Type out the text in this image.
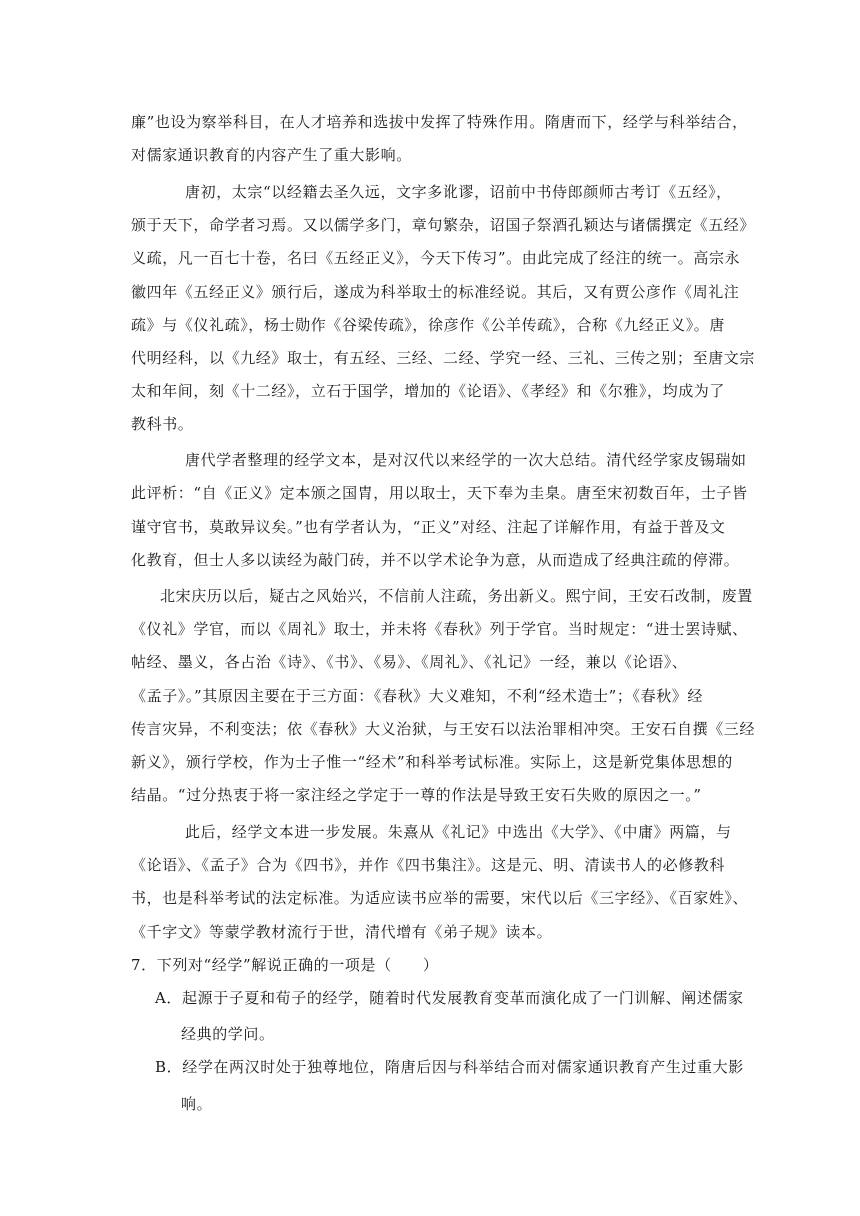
廉”也设为察举科目，在人才培养和选拔中发挥了特殊作用。隋唐而下，经学与科举结合，
对儒家通识教育的内容产生了重大影响。
唐初，太宗“以经籍去圣久远，文字多讹谬，诏前中书侍郎颜师古考订《五经》，
颁于天下，命学者习焉。又以儒学多门，章句繁杂，诏国子祭酒孔颖达与诸儒撰定《五经》
义疏，凡一百七十卷，名曰《五经正义》，今天下传习”。由此完成了经注的统一。高宗永
徽四年《五经正义》颁行后，遂成为科举取士的标准经说。其后，又有贾公彦作《周礼注
疏》与《仪礼疏》，杨士勋作《谷梁传疏》，徐彦作《公羊传疏》，合称《九经正义》。唐
代明经科，以《九经》取士，有五经、三经、二经、学究一经、三礼、三传之别；至唐文宗
太和年间，刻《十二经》，立石于国学，增加的《论语》、《孝经》和《尔雅》，均成为了
教科书。
唐代学者整理的经学文本，是对汉代以来经学的一次大总结。清代经学家皮锡瑞如
此评析：“自《正义》定本颁之国胄，用以取士，天下奉为圭臬。唐至宋初数百年，士子皆
谨守官书，莫敢异议矣。”也有学者认为，“正义”对经、注起了详解作用，有益于普及文
化教育，但士人多以读经为敲门砖，并不以学术论争为意，从而造成了经典注疏的停滞。
北宋庆历以后，疑古之风始兴，不信前人注疏，务出新义。熙宁间，王安石改制，废置
《仪礼》学官，而以《周礼》取士，并未将《春秋》列于学官。当时规定：“进士罢诗赋、
帖经、墨义，各占治《诗》、《书》、《易》、《周礼》、《礼记》一经，兼以《论语》、
《孟子》。”其原因主要在于三方面：《春秋》大义难知，不利“经术造士”；《春秋》经
传言灾异，不利变法；依《春秋》大义治狱，与王安石以法治罪相冲突。王安石自撰《三经
新义》，颁行学校，作为士子惟一“经术”和科举考试标准。实际上，这是新党集体思想的
结晶。“过分热衷于将一家注经之学定于一尊的作法是导致王安石失败的原因之一。”
此后，经学文本进一步发展。朱熹从《礼记》中选出《大学》、《中庸》两篇，与
《论语》、《孟子》合为《四书》，并作《四书集注》。这是元、明、清读书人的必修教科
书，也是科举考试的法定标准。为适应读书应举的需要，宋代以后《三字经》、《百家姓》、
《千字文》等蒙学教材流行于世，清代增有《弟子规》读本。
7．下列对“经学”解说正确的一项是（　　）
A．起源于子夏和荀子的经学，随着时代发展教育变革而演化成了一门训解、阐述儒家
经典的学问。
B．经学在两汉时处于独尊地位，隋唐后因与科举结合而对儒家通识教育产生过重大影
响。
